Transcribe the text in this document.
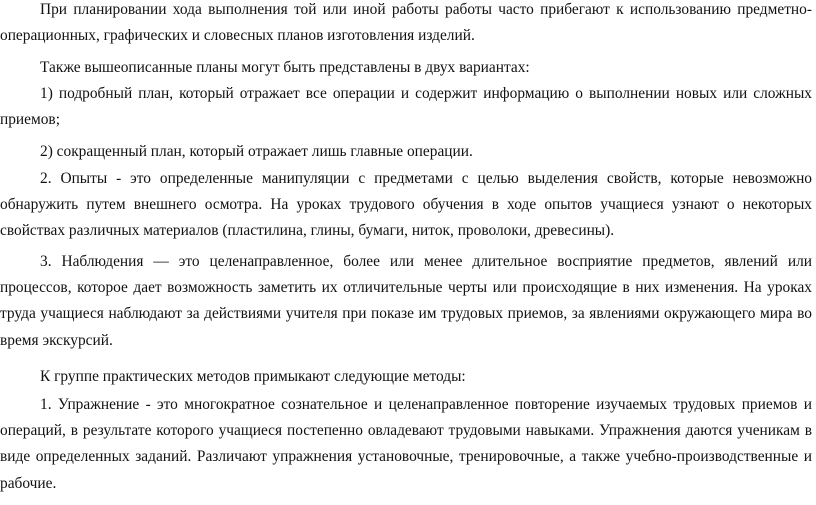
При планировании хода выполнения той или иной работы работы часто прибегают к использованию предметно-операционных, графических и словесных планов изготовления изделий.

Также вышеописанные планы могут быть представлены в двух вариантах:

1) подробный план, который отражает все операции и содержит информацию о выполнении новых или сложных приемов;

2) сокращенный план, который отражает лишь главные операции.

2. Опыты - это определенные манипуляции с предметами с целью выделения свойств, которые невозможно обнаружить путем внешнего осмотра. На уроках трудового обучения в ходе опытов учащиеся узнают о некоторых свойствах различных материалов (пластилина, глины, бумаги, ниток, проволоки, древесины).

3. Наблюдения — это целенаправленное, более или менее длительное восприятие предметов, явлений или процессов, которое дает возможность заметить их отличительные черты или происходящие в них изменения. На уроках труда учащиеся наблюдают за действиями учителя при показе им трудовых приемов, за явлениями окружающего мира во время экскурсий.

К группе практических методов примыкают следующие методы:

1. Упражнение - это многократное сознательное и целенаправленное повторение изучаемых трудовых приемов и операций, в результате которого учащиеся постепенно овладевают трудовыми навыками. Упражнения даются ученикам в виде определенных заданий. Различают упражнения установочные, тренировочные, а также учебно-производственные и рабочие.
